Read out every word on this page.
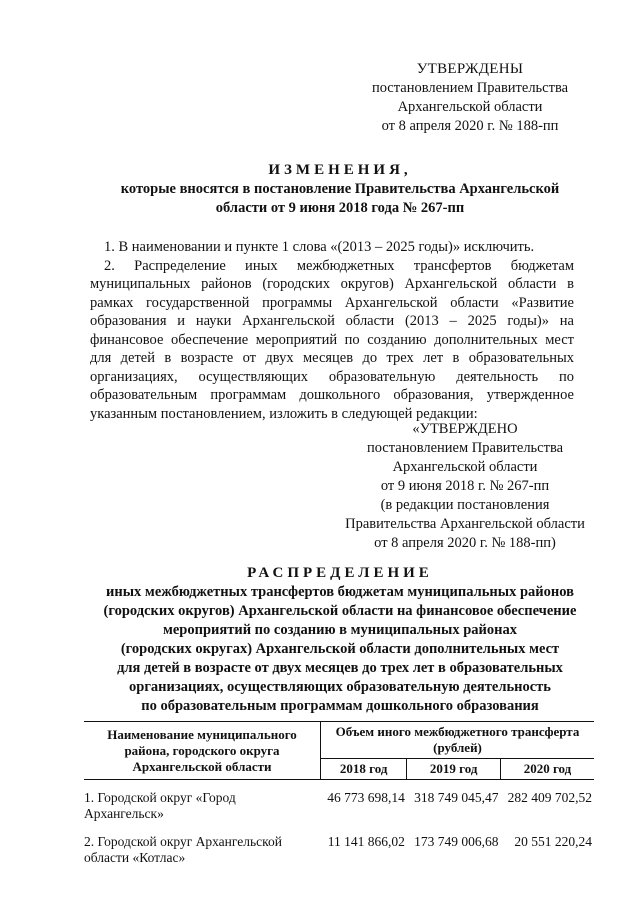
УТВЕРЖДЕНЫ
постановлением Правительства
Архангельской области
от 8 апреля 2020 г. № 188-пп
ИЗМЕНЕНИЯ,
которые вносятся в постановление Правительства Архангельской
области от 9 июня 2018 года № 267-пп

1. В наименовании и пункте 1 слова «(2013 – 2025 годы)» исключить.

2. Распределение иных межбюджетных трансфертов бюджетам муниципальных районов (городских округов) Архангельской области в рамках государственной программы Архангельской области «Развитие образования и науки Архангельской области (2013 – 2025 годы)» на финансовое обеспечение мероприятий по созданию дополнительных мест для детей в возрасте от двух месяцев до трех лет в образовательных организациях, осуществляющих образовательную деятельность по образовательным программам дошкольного образования, утвержденное указанным постановлением, изложить в следующей редакции:

«УТВЕРЖДЕНО
постановлением Правительства
Архангельской области
от 9 июня 2018 г. № 267-пп
(в редакции постановления
Правительства Архангельской области
от 8 апреля 2020 г. № 188-пп)
РАСПРЕДЕЛЕНИЕ
иных межбюджетных трансфертов бюджетам муниципальных районов
(городских округов) Архангельской области на финансовое обеспечение
мероприятий по созданию в муниципальных районах
(городских округах) Архангельской области дополнительных мест
для детей в возрасте от двух месяцев до трех лет в образовательных
организациях, осуществляющих образовательную деятельность
по образовательным программам дошкольного образования
Наименование муниципального района, городского округа Архангельской области	Объем иного межбюджетного трансферта (рублей)		
	2018 год	2019 год	2020 год

1. Городской округ «Город Архангельск»	46 773 698,14	318 749 045,47	282 409 702,52
2. Городской округ Архангельской области «Котлас»	11 141 866,02	173 749 006,68	20 551 220,24
